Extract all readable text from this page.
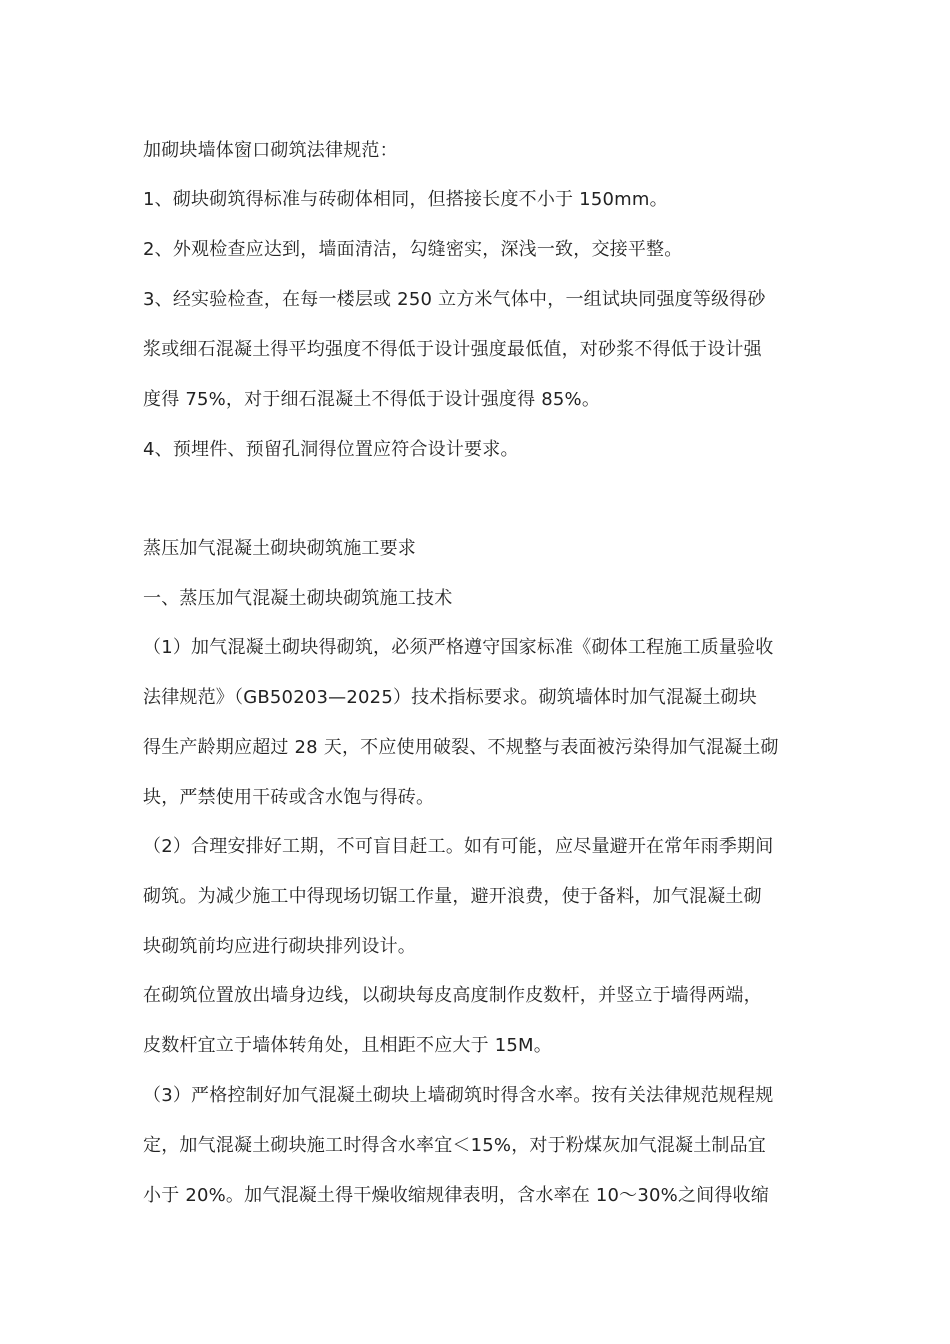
加砌块墙体窗口砌筑法律规范：
1、砌块砌筑得标准与砖砌体相同，但搭接长度不小于 150mm。
2、外观检查应达到，墙面清洁，勾缝密实，深浅一致，交接平整。
3、经实验检查，在每一楼层或 250 立方米气体中，一组试块同强度等级得砂
浆或细石混凝土得平均强度不得低于设计强度最低值，对砂浆不得低于设计强
度得 75%，对于细石混凝土不得低于设计强度得 85%。
4、预埋件、预留孔洞得位置应符合设计要求。
蒸压加气混凝土砌块砌筑施工要求
一、蒸压加气混凝土砌块砌筑施工技术
（1）加气混凝土砌块得砌筑，必须严格遵守国家标准《砌体工程施工质量验收
法律规范》（GB50203—2025）技术指标要求。砌筑墙体时加气混凝土砌块
得生产龄期应超过 28 天，不应使用破裂、不规整与表面被污染得加气混凝土砌
块，严禁使用干砖或含水饱与得砖。
（2）合理安排好工期，不可盲目赶工。如有可能，应尽量避开在常年雨季期间
砌筑。为减少施工中得现场切锯工作量，避开浪费，使于备料，加气混凝土砌
块砌筑前均应进行砌块排列设计。
在砌筑位置放出墙身边线，以砌块每皮高度制作皮数杆，并竖立于墙得两端，
皮数杆宜立于墙体转角处，且相距不应大于 15M。
（3）严格控制好加气混凝土砌块上墙砌筑时得含水率。按有关法律规范规程规
定，加气混凝土砌块施工时得含水率宜＜15%，对于粉煤灰加气混凝土制品宜
小于 20%。加气混凝土得干燥收缩规律表明，含水率在 10～30%之间得收缩
